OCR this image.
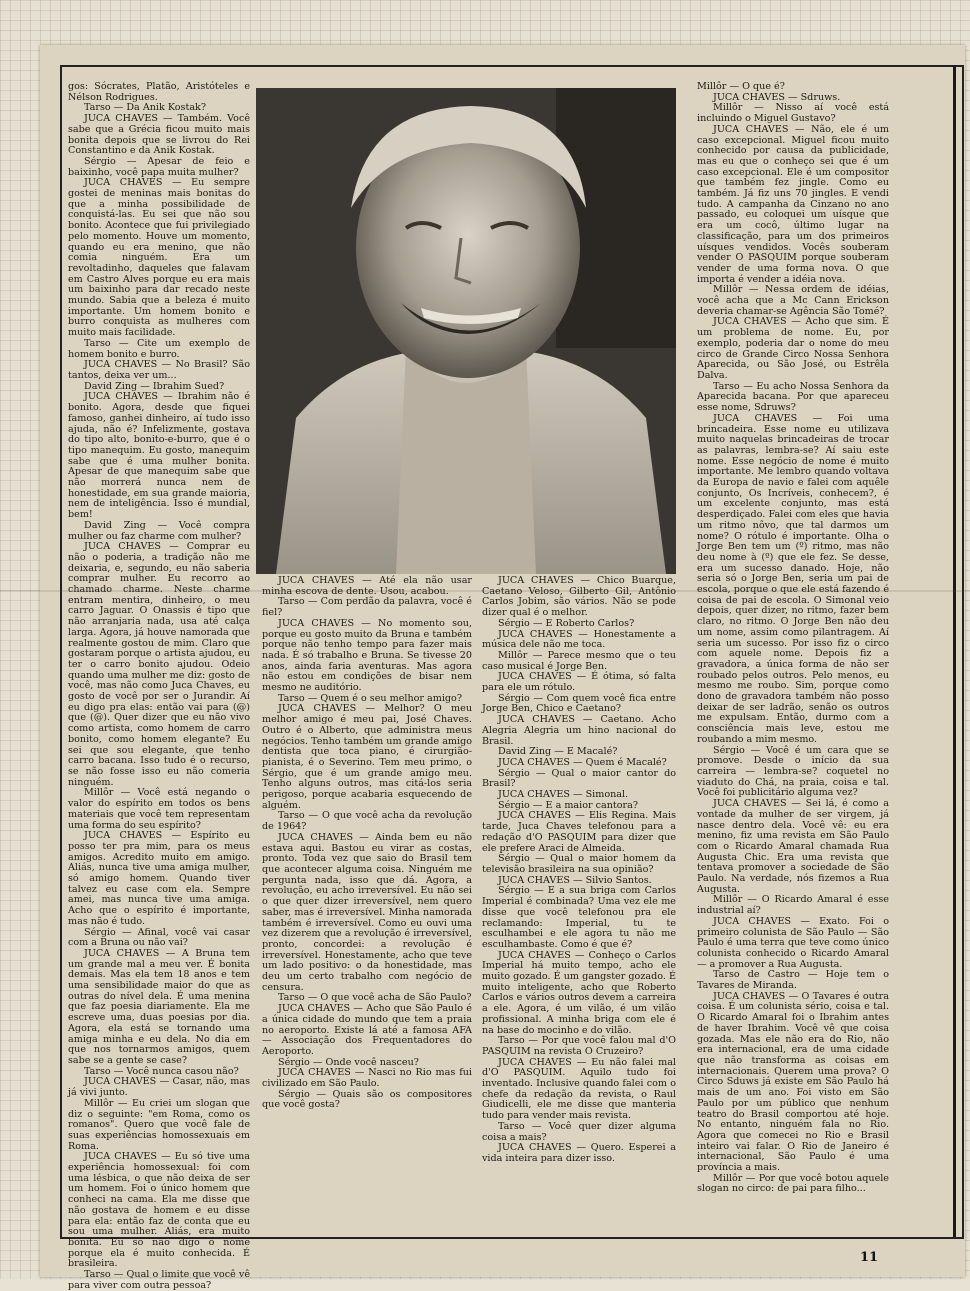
gos: Sócrates, Platão, Aristóteles e Nélson Rodrigues.

Tarso — Da Anik Kostak?

JUCA CHAVES — Também. Você sabe que a Grécia ficou muito mais bonita depois que se livrou do Rei Constantino e da Anik Kostak.

Sérgio — Apesar de feio e baixinho, você papa muita mulher?

JUCA CHAVES — Eu sempre gostei de meninas mais bonitas do que a minha possibilidade de conquistá-las. Eu sei que não sou bonito. Acontece que fui privilegiado pelo momento. Houve um momento, quando eu era menino, que não comia ninguém. Era um revoltadinho, daqueles que falavam em Castro Alves porque eu era mais um baixinho para dar recado neste mundo. Sabia que a beleza é muito importante. Um homem bonito e burro conquista as mulheres com muito mais facilidade.

Tarso — Cite um exemplo de homem bonito e burro.

JUCA CHAVES — No Brasil? São tantos, deixa ver um...

David Zing — Ibrahim Sued?

JUCA CHAVES — Ibrahim não é bonito. Agora, desde que fiquei famoso, ganhei dinheiro, aí tudo isso ajuda, não é? Infelizmente, gostava do tipo alto, bonito-e-burro, que é o tipo manequim. Eu gosto, manequim sabe que é uma mulher bonita. Apesar de que manequim sabe que não morrerá nunca nem de honestidade, em sua grande maioria, nem de inteligência. Isso é mundial, bem!

David Zing — Você compra mulher ou faz charme com mulher?

JUCA CHAVES — Comprar eu não o poderia, a tradição não me deixaria, e, segundo, eu não saberia comprar mulher. Eu recorro ao chamado charme. Neste charme entram mentira, dinheiro, o meu carro Jaguar. O Onassis é tipo que não arranjaria nada, usa até calça larga. Agora, já houve namorada que realmente gostou de mim. Claro que gostaram porque o artista ajudou, eu ter o carro bonito ajudou. Odeio quando uma mulher me diz: gosto de você, mas não como Juca Chaves, eu gosto de você por ser o Jurandir. Aí eu digo pra elas: então vai para (@) que (@). Quer dizer que eu não vivo como artista, como homem de carro bonito, como homem elegante? Eu sei que sou elegante, que tenho carro bacana. Isso tudo é o recurso, se não fosse isso eu não comeria ninguém.

Millôr — Você está negando o valor do espírito em todos os bens materiais que você tem representam uma forma do seu espírito?

JUCA CHAVES — Espírito eu posso ter pra mim, para os meus amigos. Acredito muito em amigo. Aliás, nunca tive uma amiga mulher, só amigo homem. Quando tiver talvez eu case com ela. Sempre amei, mas nunca tive uma amiga. Acho que o espírito é importante, mas não é tudo.

Sérgio — Afinal, você vai casar com a Bruna ou não vai?

JUCA CHAVES — A Bruna tem um grande mal a meu ver. É bonita demais. Mas ela tem 18 anos e tem uma sensibilidade maior do que as outras do nível dela. É uma menina que faz poesia diariamente. Ela me escreve uma, duas poesias por dia. Agora, ela está se tornando uma amiga minha e eu dela. No dia em que nos tornarmos amigos, quem sabe se a gente se case?

Tarso — Você nunca casou não?

JUCA CHAVES — Casar, não, mas já vivi junto.

Millôr — Eu criei um slogan que diz o seguinte: "em Roma, como os romanos". Quero que você fale de suas experiências homossexuais em Roma.

JUCA CHAVES — Eu só tive uma experiência homossexual: foi com uma lésbica, o que não deixa de ser um homem. Foi o único homem que conheci na cama. Ela me disse que não gostava de homem e eu disse para ela: então faz de conta que eu sou uma mulher. Aliás, era muito bonita. Eu só não digo o nome porque ela é muito conhecida. É brasileira.

Tarso — Qual o limite que você vê para viver com outra pessoa?

JUCA CHAVES — Até ela não usar minha escova de dente. Usou, acabou.

Tarso — Com perdão da palavra, você é fiel?

JUCA CHAVES — No momento sou, porque eu gosto muito da Bruna e também porque não tenho tempo para fazer mais nada. É só trabalho e Bruna. Se tivesse 20 anos, ainda faria aventuras. Mas agora não estou em condições de bisar nem mesmo ne auditório.

Tarso — Quem é o seu melhor amigo?

JUCA CHAVES — Melhor? O meu melhor amigo é meu pai, José Chaves. Outro é o Alberto, que administra meus negócios. Tenho também um grande amigo dentista que toca piano, é cirurgião-pianista, é o Severino. Tem meu primo, o Sérgio, que é um grande amigo meu. Tenho alguns outros, mas citá-los seria perigoso, porque acabaria esquecendo de alguém.

Tarso — O que você acha da revolução de 1964?

JUCA CHAVES — Ainda bem eu não estava aqui. Bastou eu virar as costas, pronto. Toda vez que saio do Brasil tem que acontecer alguma coisa. Ninguém me pergunta nada, isso que dá. Agora, a revolução, eu acho irreversível. Eu não sei o que quer dizer irreversível, nem quero saber, mas é irreversível. Minha namorada também é irreversível. Como eu ouvi uma vez dizerem que a revolução é irreversível, pronto, concordei: a revolução é irreversível. Honestamente, acho que teve um lado positivo: o da honestidade, mas deu um certo trabalho com negócio de censura.

Tarso — O que você acha de São Paulo?

JUCA CHAVES — Acho que São Paulo é a única cidade do mundo que tem a praia no aeroporto. Existe lá até a famosa AFA — Associação dos Frequentadores do Aeroporto.

Sérgio — Onde você nasceu?

JUCA CHAVES — Nasci no Rio mas fui civilizado em São Paulo.

Sérgio — Quais são os compositores que você gosta?

JUCA CHAVES — Chico Buarque, Caetano Veloso, Gilberto Gil, Antônio Carlos Jobim, são vários. Não se pode dizer qual é o melhor.

Sérgio — E Roberto Carlos?

JUCA CHAVES — Honestamente a música dele não me toca.

Millôr — Parece mesmo que o teu caso musical é Jorge Ben.

JUCA CHAVES — É ótima, só falta para ele um rótulo.

Sérgio — Com quem você fica entre Jorge Ben, Chico e Caetano?

JUCA CHAVES — Caetano. Acho Alegria Alegria um hino nacional do Brasil.

David Zing — E Macalé?

JUCA CHAVES — Quem é Macalé?

Sérgio — Qual o maior cantor do Brasil?

JUCA CHAVES — Simonal.

Sérgio — E a maior cantora?

JUCA CHAVES — Elis Regina. Mais tarde, Juca Chaves telefonou para a redação d'O PASQUIM para dizer que ele prefere Araci de Almeida.

Sérgio — Qual o maior homem da televisão brasileira na sua opinião?

JUCA CHAVES — Silvio Santos.

Sérgio — E a sua briga com Carlos Imperial é combinada? Uma vez ele me disse que você telefonou pra ele reclamando: Imperial, tu te esculhambei e ele agora tu não me esculhambaste. Como é que é?

JUCA CHAVES — Conheço o Carlos Imperial há muito tempo, acho ele muito gozado. É um gangster gozado. É muito inteligente, acho que Roberto Carlos e vários outros devem a carreira a ele. Agora, é um vilão, é um vilão profissional. A minha briga com ele é na base do mocinho e do vilão.

Tarso — Por que você falou mal d'O PASQUIM na revista O Cruzeiro?

JUCA CHAVES — Eu não falei mal d'O PASQUIM. Aquilo tudo foi inventado. Inclusive quando falei com o chefe da redação da revista, o Raul Giudicelli, ele me disse que manteria tudo para vender mais revista.

Tarso — Você quer dizer alguma coisa a mais?

JUCA CHAVES — Quero. Esperei a vida inteira para dizer isso.

Millôr — O que é?

JUCA CHAVES — Sdruws.

Millôr — Nisso aí você está incluindo o Miguel Gustavo?

JUCA CHAVES — Não, ele é um caso excepcional. Miguel ficou muito conhecido por causa da publicidade, mas eu que o conheço sei que é um caso excepcional. Ele é um compositor que também fez jingle. Como eu também. Já fiz uns 70 jingles. E vendi tudo. A campanha da Cinzano no ano passado, eu coloquei um uísque que era um cocô, último lugar na classificação, para um dos primeiros uísques vendidos. Vocês souberam vender O PASQUIM porque souberam vender de uma forma nova. O que importa é vender a idéia nova.

Millôr — Nessa ordem de idéias, você acha que a Mc Cann Erickson deveria chamar-se Agência São Tomé?

JUCA CHAVES — Acho que sim. É um problema de nome. Eu, por exemplo, poderia dar o nome do meu circo de Grande Circo Nossa Senhora Aparecida, ou São José, ou Estrêla Dalva.

Tarso — Eu acho Nossa Senhora da Aparecida bacana. Por que apareceu esse nome, Sdruws?

JUCA CHAVES — Foi uma brincadeira. Esse nome eu utilizava muito naquelas brincadeiras de trocar as palavras, lembra-se? Aí saiu este nome. Esse negócio de nome é muito importante. Me lembro quando voltava da Europa de navio e falei com aquêle conjunto, Os Incríveis, conhecem?, é um excelente conjunto, mas está desperdiçado. Falei com eles que havia um ritmo nôvo, que tal darmos um nome? O rótulo é importante. Olha o Jorge Ben tem um (º) ritmo, mas não deu nome à (º) que ele fez. Se desse, era um sucesso danado. Hoje, não seria só o Jorge Ben, seria um pai de escola, porque o que ele está fazendo é coisa de pai de escola. O Simonal veio depois, quer dizer, no ritmo, fazer bem claro, no ritmo. O Jorge Ben não deu um nome, assim como pilantragem. Aí seria um sucesso. Por isso fiz o circo com aquele nome. Depois fiz a gravadora, a única forma de não ser roubado pelos outros. Pelo menos, eu mesmo me roubo. Sim, porque como dono de gravadora também não posso deixar de ser ladrão, senão os outros me expulsam. Então, durmo com a consciência mais leve, estou me roubando a mim mesmo.

Sérgio — Você é um cara que se promove. Desde o início da sua carreira — lembra-se? coquetel no viaduto do Chá, na praia, coisa e tal. Você foi publicitário alguma vez?

JUCA CHAVES — Sei lá, é como a vontade da mulher de ser virgem, já nasce dentro dela. Você vê: eu era menino, fiz uma revista em São Paulo com o Ricardo Amaral chamada Rua Augusta Chic. Era uma revista que tentava promover a sociedade de São Paulo. Na verdade, nós fizemos a Rua Augusta.

Millôr — O Ricardo Amaral é esse industrial aí?

JUCA CHAVES — Exato. Foi o primeiro colunista de São Paulo — São Paulo é uma terra que teve como único colunista conhecido o Ricardo Amaral — a promover a Rua Augusta.

Tarso de Castro — Hoje tem o Tavares de Miranda.

JUCA CHAVES — O Tavares é outra coisa. É um colunista sério, coisa e tal. O Ricardo Amaral foi o Ibrahim antes de haver Ibrahim. Você vê que coisa gozada. Mas ele não era do Rio, não era internacional, era de uma cidade que não transforma as coisas em internacionais. Querem uma prova? O Circo Sduws já existe em São Paulo há mais de um ano. Foi visto em São Paulo por um público que nenhum teatro do Brasil comportou até hoje. No entanto, ninguém fala no Rio. Agora que comecei no Rio e Brasil inteiro vai falar. O Rio de Janeiro é internacional, São Paulo é uma província a mais.

Millôr — Por que você botou aquele slogan no circo: de pai para filho...

11
